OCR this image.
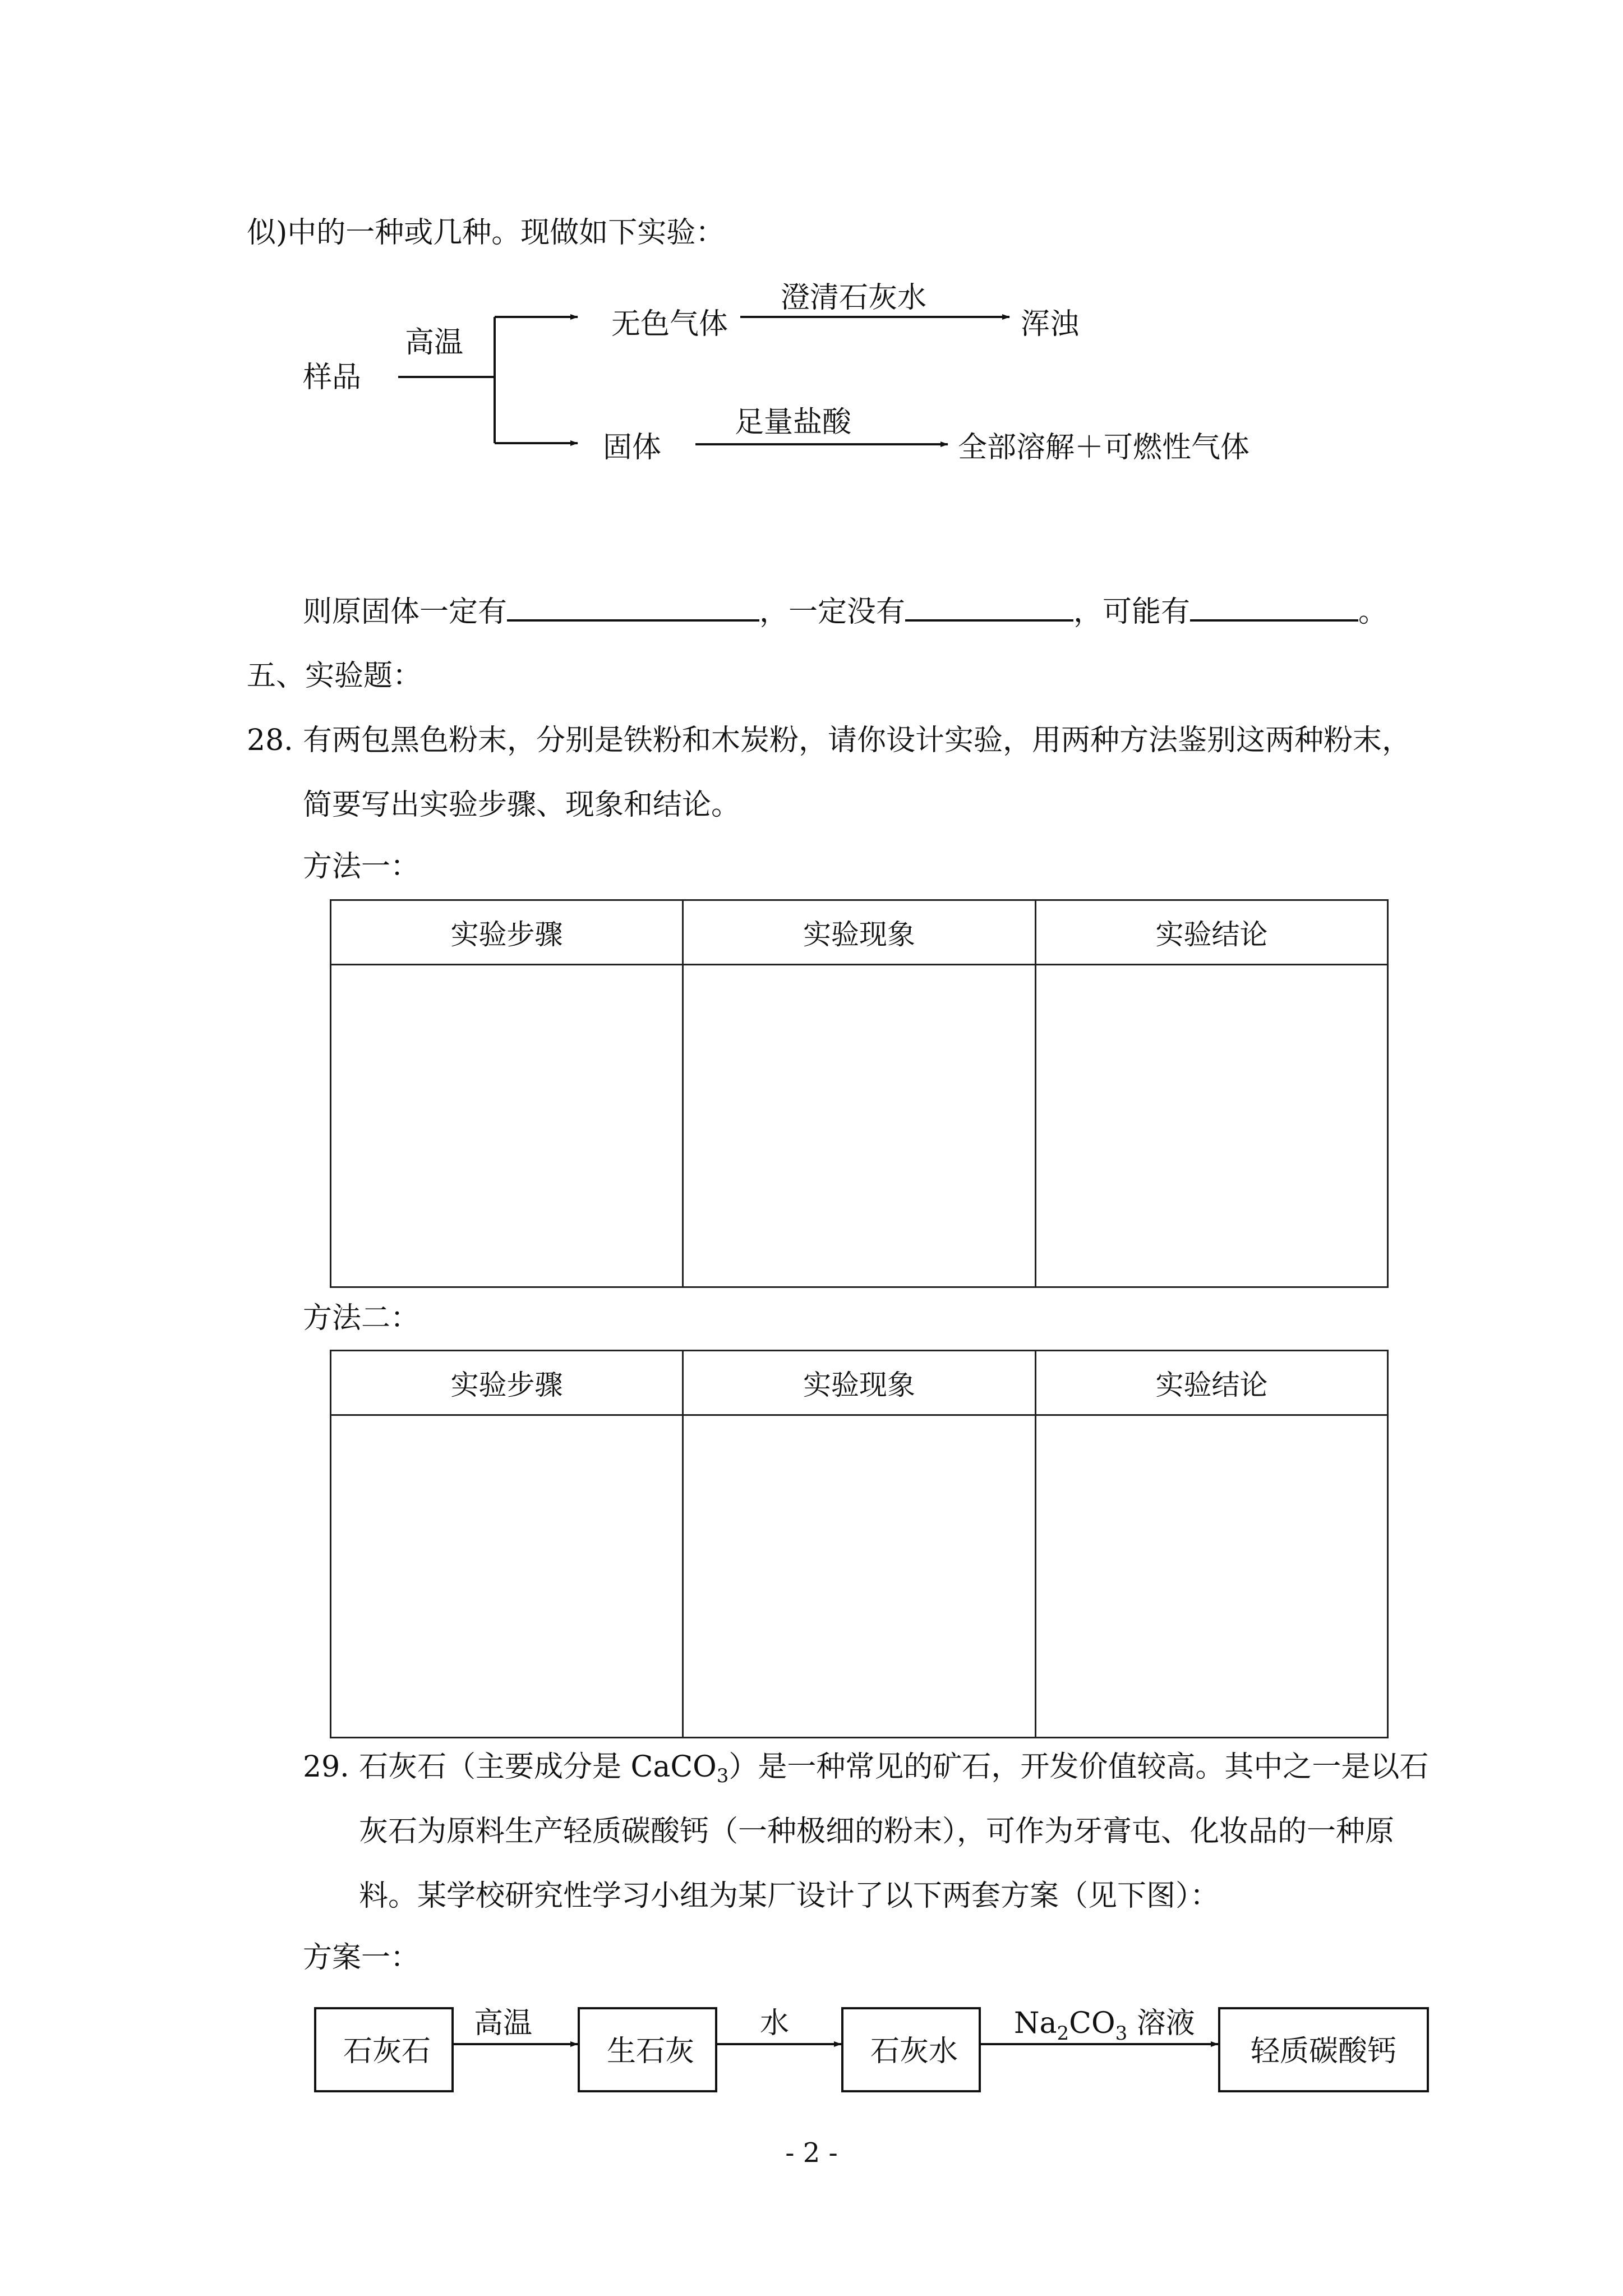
似)中的一种或几种。现做如下实验：
样品
高温
无色气体
澄清石灰水
浑浊
固体
足量盐酸
全部溶解＋可燃性气体
则原固体一定有	，一定没有	，可能有	。
五、实验题：
28. 有两包黑色粉末，分别是铁粉和木炭粉，请你设计实验，用两种方法鉴别这两种粉末，
简要写出实验步骤、现象和结论。
方法一：
实验步骤	实验现象	实验结论

方法二：
实验步骤	实验现象	实验结论

29. 石灰石（主要成分是 CaCO$_3$）是一种常见的矿石，开发价值较高。其中之一是以石
灰石为原料生产轻质碳酸钙（一种极细的粉末），可作为牙膏屯、化妆品的一种原
料。某学校研究性学习小组为某厂设计了以下两套方案（见下图）：
方案一：
石灰石
高温
生石灰
水
石灰水
$Na_2CO_3$ 溶液
轻质碳酸钙
- 2 -
